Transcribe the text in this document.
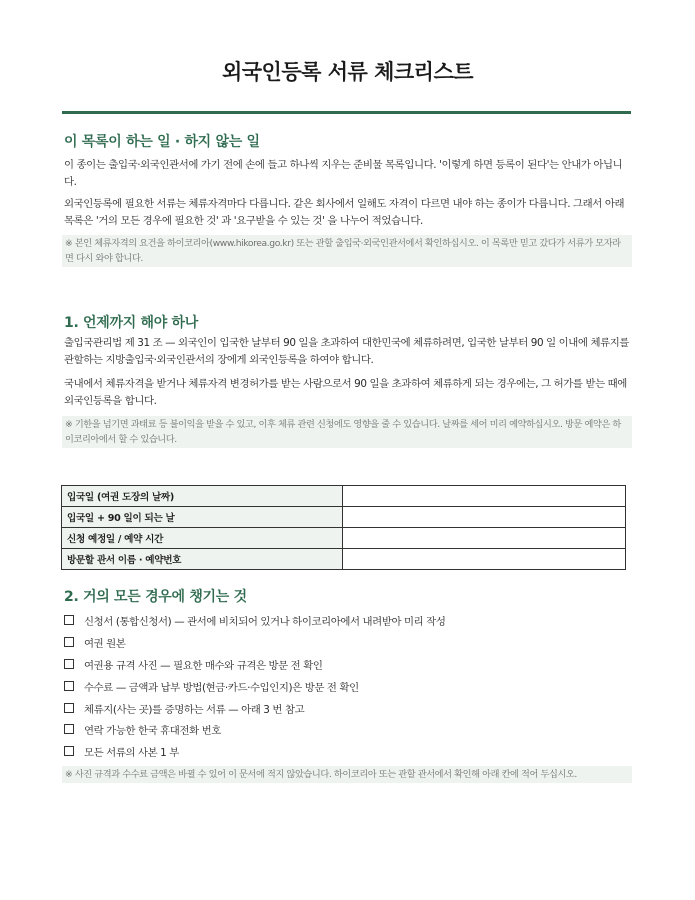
외국인등록 서류 체크리스트
이 목록이 하는 일 · 하지 않는 일

이 종이는 출입국·외국인관서에 가기 전에 손에 들고 하나씩 지우는 준비물 목록입니다. '이렇게 하면 등록이 된다'는 안내가 아닙니다.

외국인등록에 필요한 서류는 체류자격마다 다릅니다. 같은 회사에서 일해도 자격이 다르면 내야 하는 종이가 다릅니다. 그래서 아래 목록은 '거의 모든 경우에 필요한 것' 과 '요구받을 수 있는 것' 을 나누어 적었습니다.

※ 본인 체류자격의 요건을 하이코리아(www.hikorea.go.kr) 또는 관할 출입국·외국인관서에서 확인하십시오. 이 목록만 믿고 갔다가 서류가 모자라면 다시 와야 합니다.
1. 언제까지 해야 하나

출입국관리법 제 31 조 — 외국인이 입국한 날부터 90 일을 초과하여 대한민국에 체류하려면, 입국한 날부터 90 일 이내에 체류지를 관할하는 지방출입국·외국인관서의 장에게 외국인등록을 하여야 합니다.

국내에서 체류자격을 받거나 체류자격 변경허가를 받는 사람으로서 90 일을 초과하여 체류하게 되는 경우에는, 그 허가를 받는 때에 외국인등록을 합니다.

※ 기한을 넘기면 과태료 등 불이익을 받을 수 있고, 이후 체류 관련 신청에도 영향을 줄 수 있습니다. 날짜를 세어 미리 예약하십시오. 방문 예약은 하이코리아에서 할 수 있습니다.
입국일 (여권 도장의 날짜)	
입국일 + 90 일이 되는 날	
신청 예정일 / 예약 시간	
방문할 관서 이름 · 예약번호	
2. 거의 모든 경우에 챙기는 것
신청서 (통합신청서) — 관서에 비치되어 있거나 하이코리아에서 내려받아 미리 작성
여권 원본
여권용 규격 사진 — 필요한 매수와 규격은 방문 전 확인
수수료 — 금액과 납부 방법(현금·카드·수입인지)은 방문 전 확인
체류지(사는 곳)를 증명하는 서류 — 아래 3 번 참고
연락 가능한 한국 휴대전화 번호
모든 서류의 사본 1 부
※ 사진 규격과 수수료 금액은 바뀔 수 있어 이 문서에 적지 않았습니다. 하이코리아 또는 관할 관서에서 확인해 아래 칸에 적어 두십시오.
